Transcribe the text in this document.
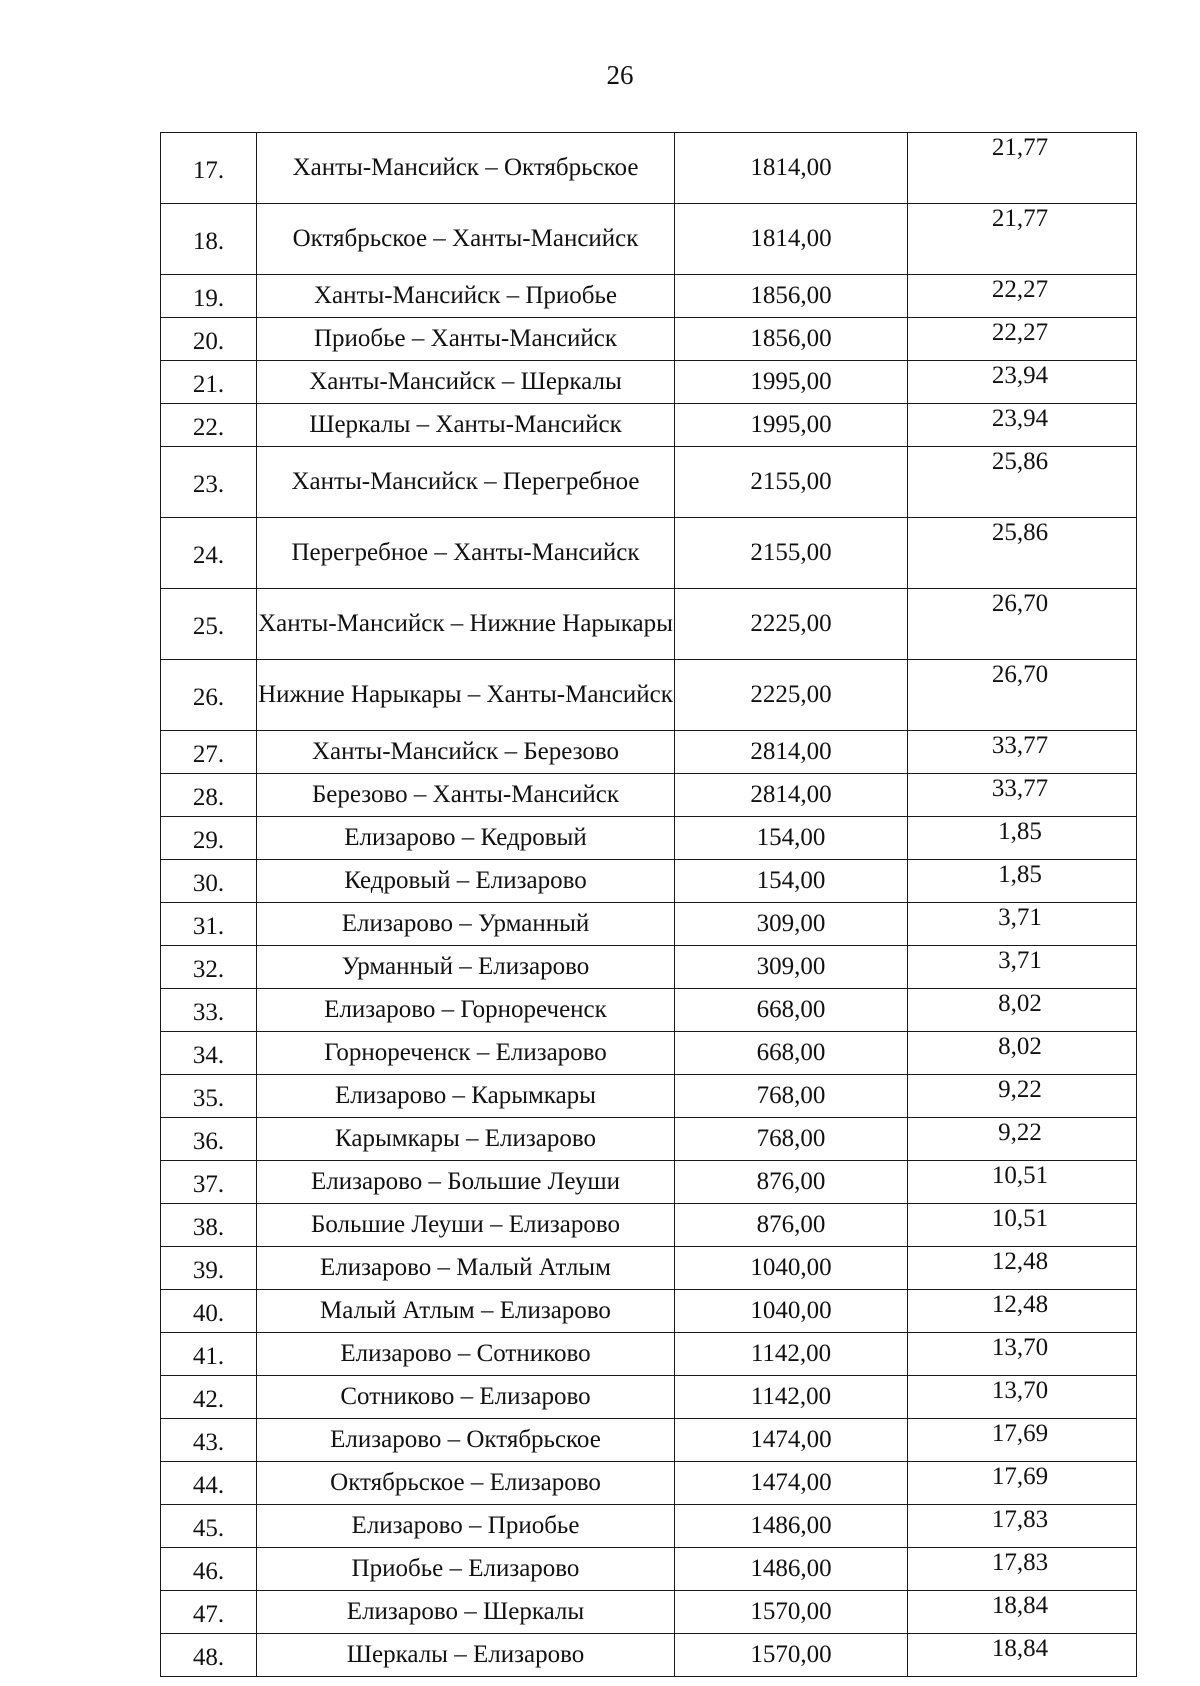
26
17.	Ханты-Мансийск – Октябрьское	1814,00	21,77
18.	Октябрьское – Ханты-Мансийск	1814,00	21,77
19.	Ханты-Мансийск – Приобье	1856,00	22,27
20.	Приобье – Ханты-Мансийск	1856,00	22,27
21.	Ханты-Мансийск – Шеркалы	1995,00	23,94
22.	Шеркалы – Ханты-Мансийск	1995,00	23,94
23.	Ханты-Мансийск – Перегребное	2155,00	25,86
24.	Перегребное – Ханты-Мансийск	2155,00	25,86
25.	Ханты-Мансийск – Нижние Нарыкары	2225,00	26,70
26.	Нижние Нарыкары – Ханты-Мансийск	2225,00	26,70
27.	Ханты-Мансийск – Березово	2814,00	33,77
28.	Березово – Ханты-Мансийск	2814,00	33,77
29.	Елизарово – Кедровый	154,00	1,85
30.	Кедровый – Елизарово	154,00	1,85
31.	Елизарово – Урманный	309,00	3,71
32.	Урманный – Елизарово	309,00	3,71
33.	Елизарово – Горнореченск	668,00	8,02
34.	Горнореченск – Елизарово	668,00	8,02
35.	Елизарово – Карымкары	768,00	9,22
36.	Карымкары – Елизарово	768,00	9,22
37.	Елизарово – Большие Леуши	876,00	10,51
38.	Большие Леуши – Елизарово	876,00	10,51
39.	Елизарово – Малый Атлым	1040,00	12,48
40.	Малый Атлым – Елизарово	1040,00	12,48
41.	Елизарово – Сотниково	1142,00	13,70
42.	Сотниково – Елизарово	1142,00	13,70
43.	Елизарово – Октябрьское	1474,00	17,69
44.	Октябрьское – Елизарово	1474,00	17,69
45.	Елизарово – Приобье	1486,00	17,83
46.	Приобье – Елизарово	1486,00	17,83
47.	Елизарово – Шеркалы	1570,00	18,84
48.	Шеркалы – Елизарово	1570,00	18,84
